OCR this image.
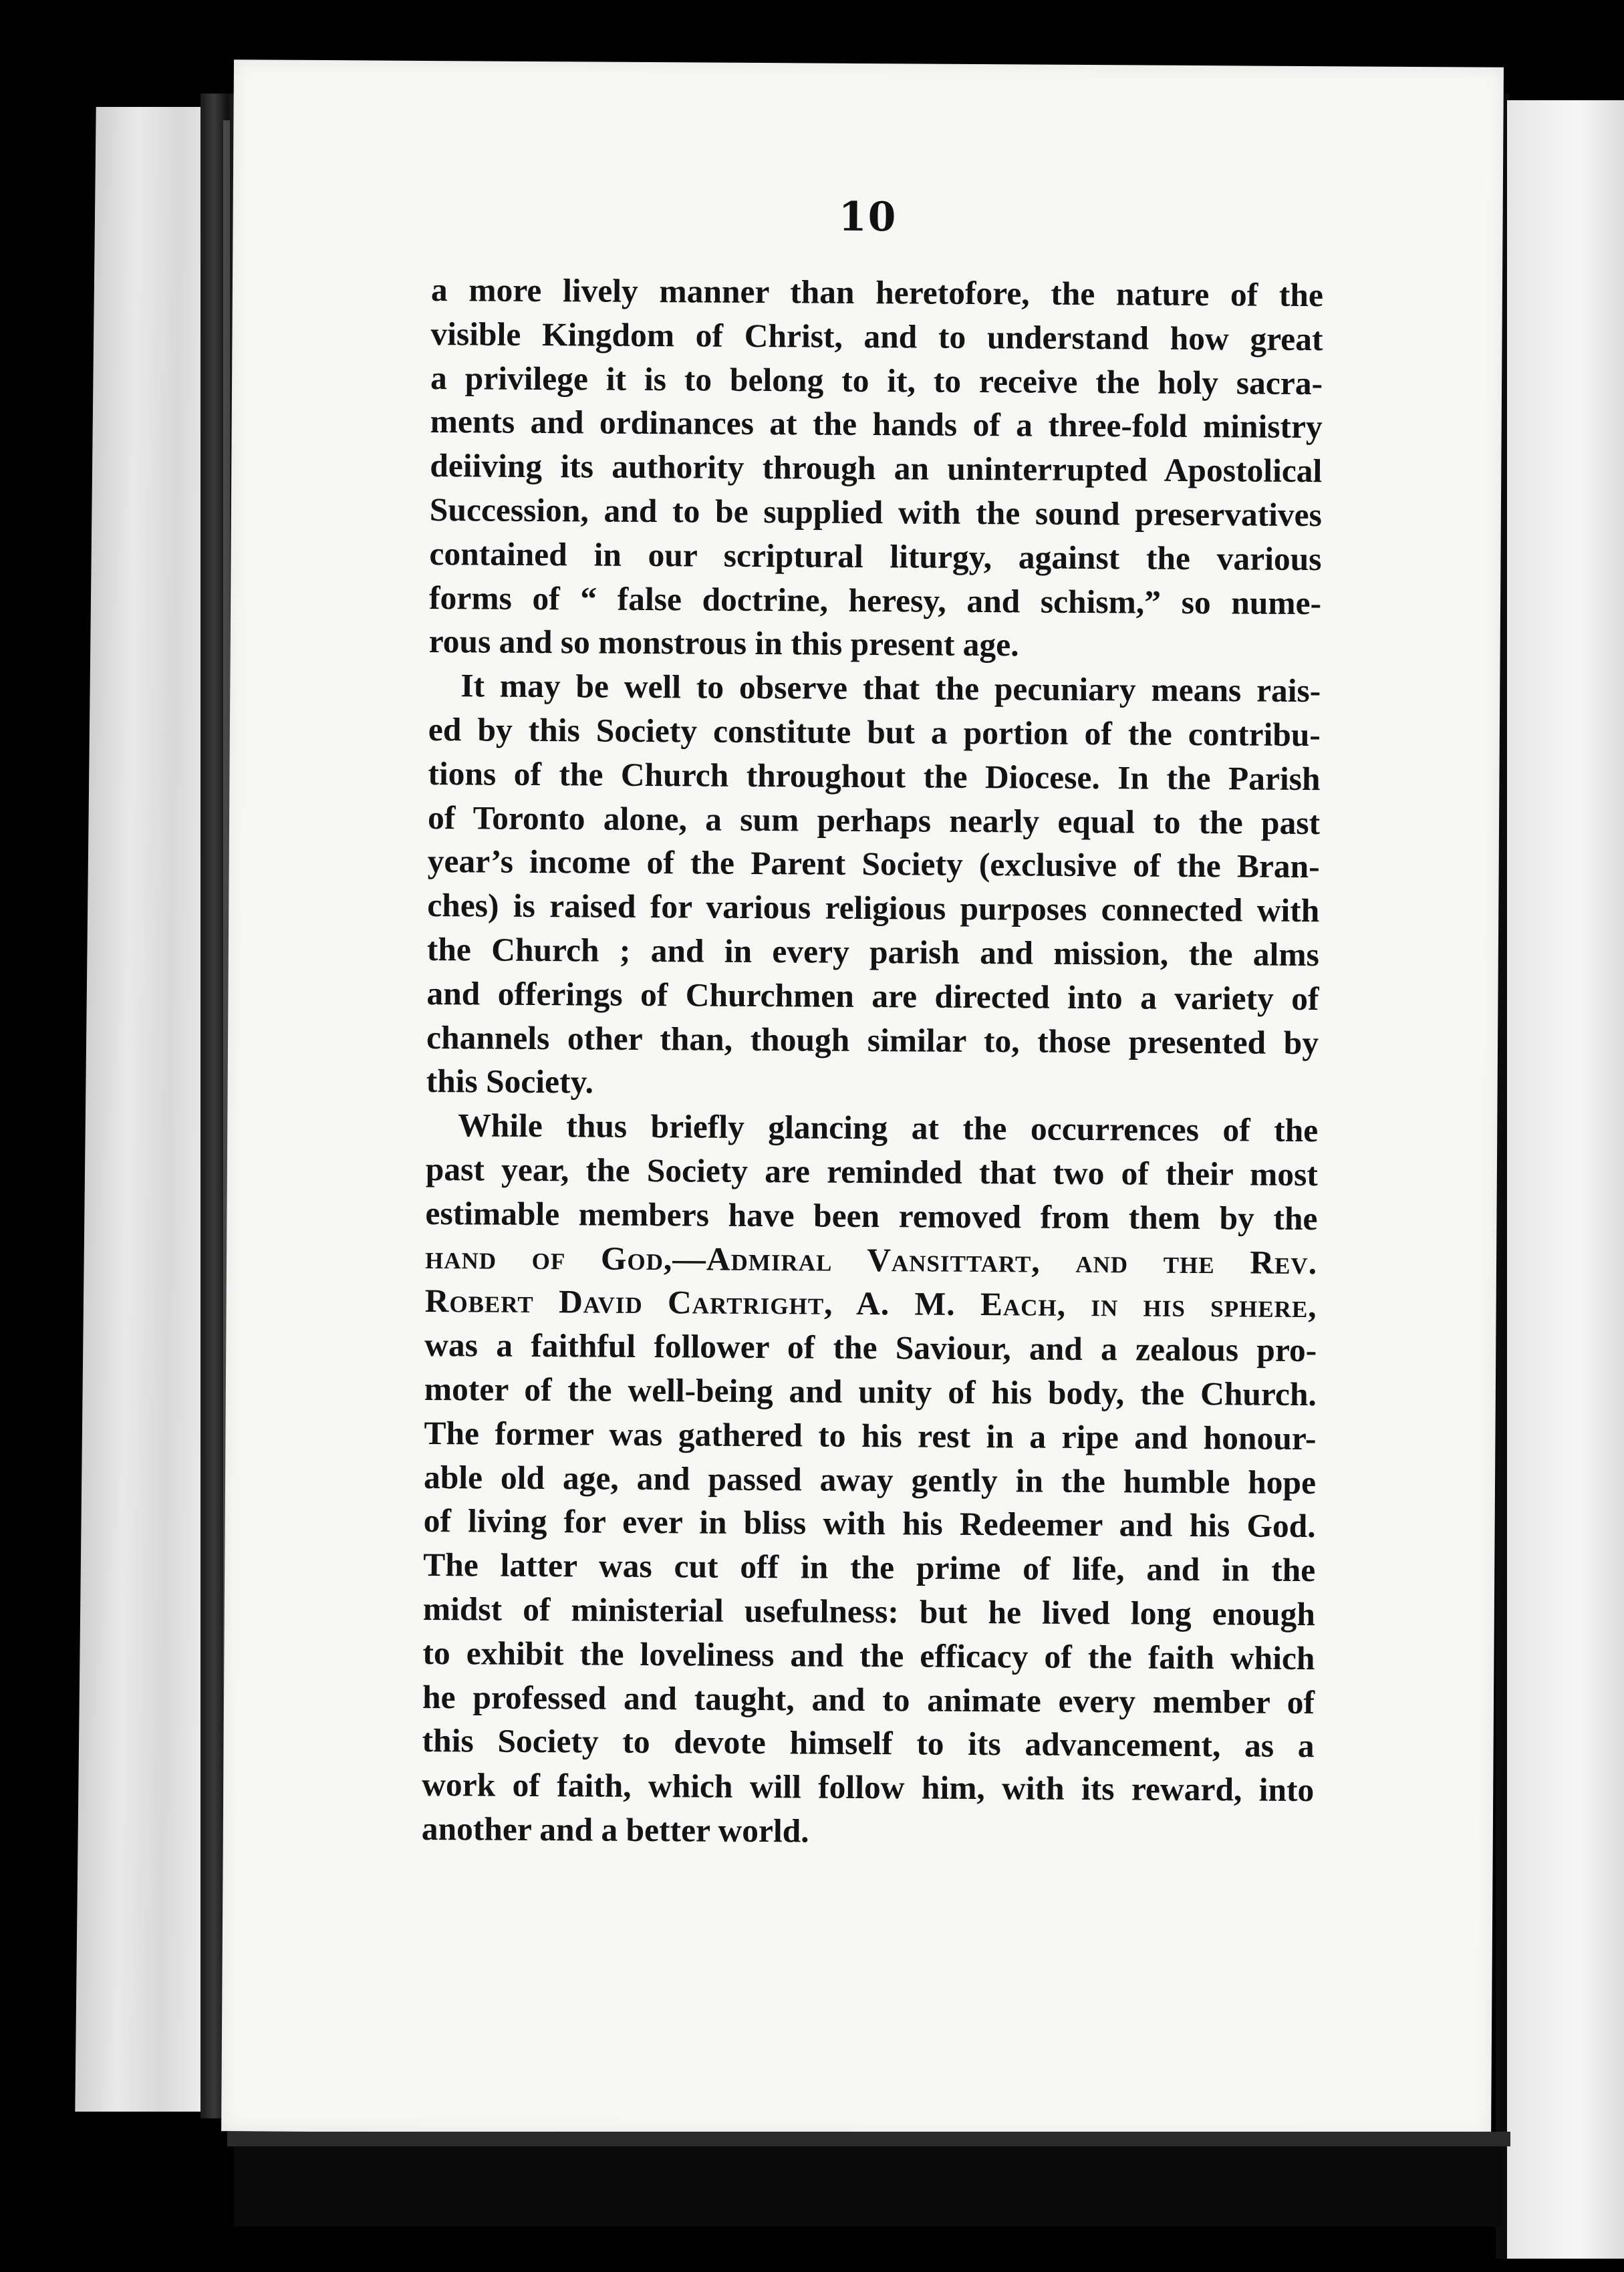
10
a more lively manner than heretofore, the nature of the
visible Kingdom of Christ, and to understand how great
a privilege it is to belong to it, to receive the holy sacra-
ments and ordinances at the hands of a three-fold ministry
deiiving its authority through an uninterrupted Apostolical
Succession, and to be supplied with the sound preservatives
contained in our scriptural liturgy, against the various
forms of “ false doctrine, heresy, and schism,” so nume-
rous and so monstrous in this present age.
It may be well to observe that the pecuniary means rais-
ed by this Society constitute but a portion of the contribu-
tions of the Church throughout the Diocese. In the Parish
of Toronto alone, a sum perhaps nearly equal to the past
year’s income of the Parent Society (exclusive of the Bran-
ches) is raised for various religious purposes connected with
the Church ; and in every parish and mission, the alms
and offerings of Churchmen are directed into a variety of
channels other than, though similar to, those presented by
this Society.
While thus briefly glancing at the occurrences of the
past year, the Society are reminded that two of their most
estimable members have been removed from them by the
hand of God,—Admiral Vansittart, and the Rev.
Robert David Cartright, A. M. Each, in his sphere,
was a faithful follower of the Saviour, and a zealous pro-
moter of the well-being and unity of his body, the Church.
The former was gathered to his rest in a ripe and honour-
able old age, and passed away gently in the humble hope
of living for ever in bliss with his Redeemer and his God.
The latter was cut off in the prime of life, and in the
midst of ministerial usefulness: but he lived long enough
to exhibit the loveliness and the efficacy of the faith which
he professed and taught, and to animate every member of
this Society to devote himself to its advancement, as a
work of faith, which will follow him, with its reward, into
another and a better world.
